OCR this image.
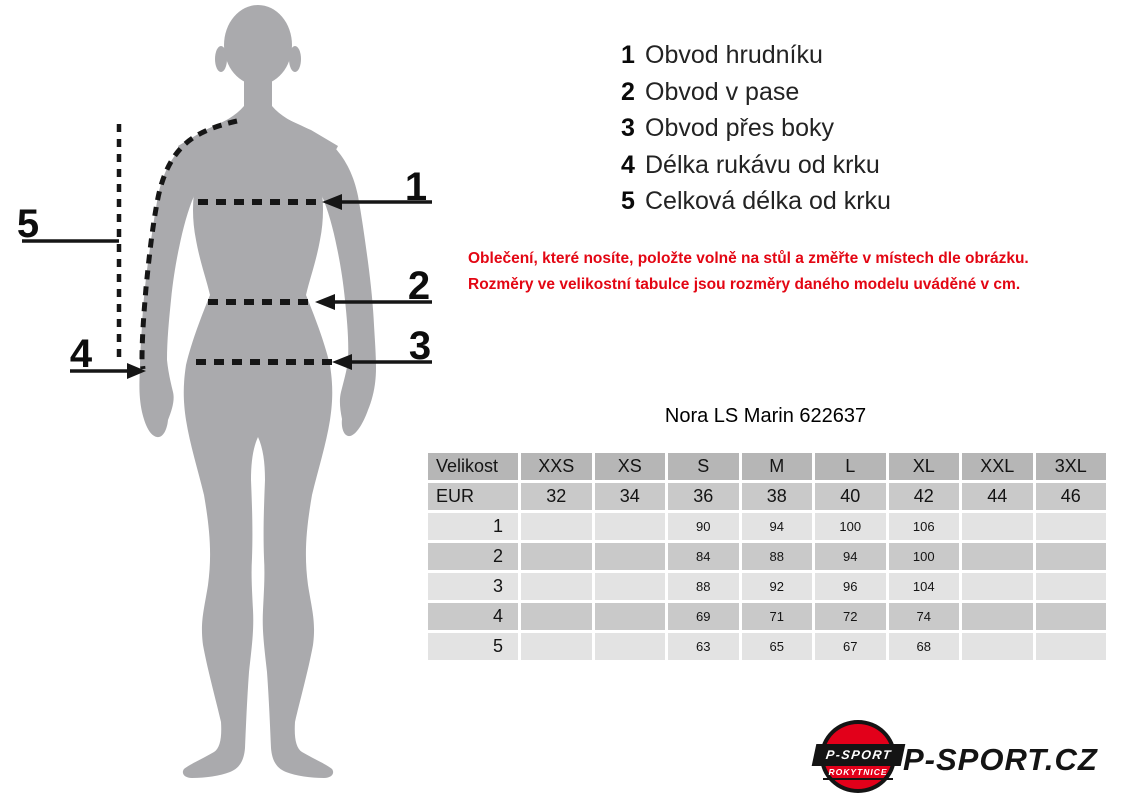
1
2
3
4
5
1 Obvod hrudníku
2 Obvod v pase
3 Obvod přes boky
4 Délka rukávu od krku
5 Celková délka od krku
Oblečení, které nosíte, položte volně na stůl a změřte v místech dle obrázku.
Rozměry ve velikostní tabulce jsou rozměry daného modelu uváděné v cm.
Nora LS Marin 622637
Velikost	XXS	XS	S	M	L	XL	XXL	3XL
EUR	32	34	36	38	40	42	44	46
1			90	94	100	106		
2			84	88	94	100		
3			88	92	96	104		
4			69	71	72	74		
5			63	65	67	68		
P-SPORT
ROKYTNICE P-SPORT.CZ
